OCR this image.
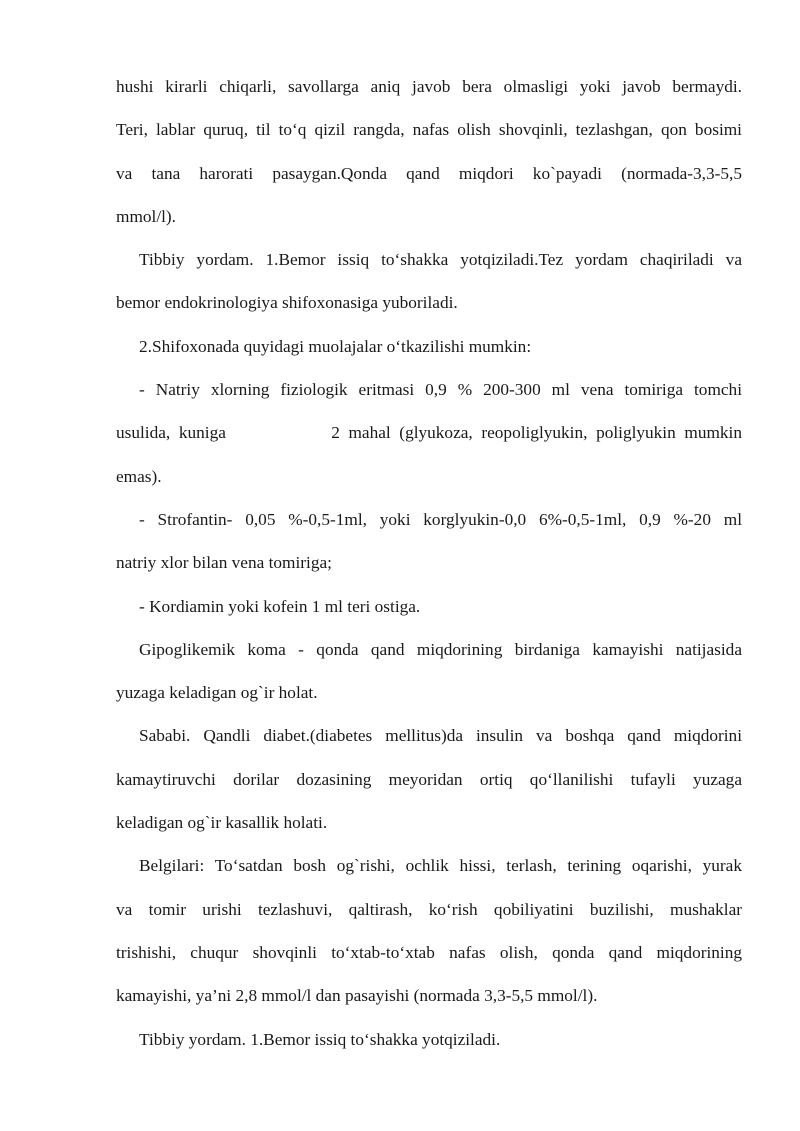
hushi kirarli chiqarli, savollarga aniq javob bera olmasligi yoki javob bermaydi.
Teri, lablar quruq, til to‘q qizil rangda, nafas olish shovqinli, tezlashgan, qon bosimi
va tana harorati pasaygan.Qonda qand miqdori ko`payadi (normada-3,3-5,5
mmol/l).
Tibbiy yordam. 1.Bemor issiq to‘shakka yotqiziladi.Tez yordam chaqiriladi va
bemor endokrinologiya shifoxonasiga yuboriladi.
2.Shifoxonada quyidagi muolajalar o‘tkazilishi mumkin:
- Natriy xlorning fiziologik eritmasi 0,9 % 200-300 ml vena tomiriga tomchi
usulida, kuniga	2 mahal (glyukoza, reopoliglyukin, poliglyukin mumkin
emas).
- Strofantin- 0,05 %-0,5-1ml, yoki korglyukin-0,0 6%-0,5-1ml, 0,9 %-20 ml
natriy xlor bilan vena tomiriga;
- Kordiamin yoki kofein 1 ml teri ostiga.
Gipoglikemik koma - qonda qand miqdorining birdaniga kamayishi natijasida
yuzaga keladigan og`ir holat.
Sababi. Qandli diabet.(diabetes mellitus)da insulin va boshqa qand miqdorini
kamaytiruvchi dorilar dozasining meyoridan ortiq qo‘llanilishi tufayli yuzaga
keladigan og`ir kasallik holati.
Belgilari: To‘satdan bosh og`rishi, ochlik hissi, terlash, terining oqarishi, yurak
va tomir urishi tezlashuvi, qaltirash, ko‘rish qobiliyatini buzilishi, mushaklar
trishishi, chuqur shovqinli to‘xtab-to‘xtab nafas olish, qonda qand miqdorining
kamayishi, ya’ni 2,8 mmol/l dan pasayishi (normada 3,3-5,5 mmol/l).
Tibbiy yordam. 1.Bemor issiq to‘shakka yotqiziladi.
